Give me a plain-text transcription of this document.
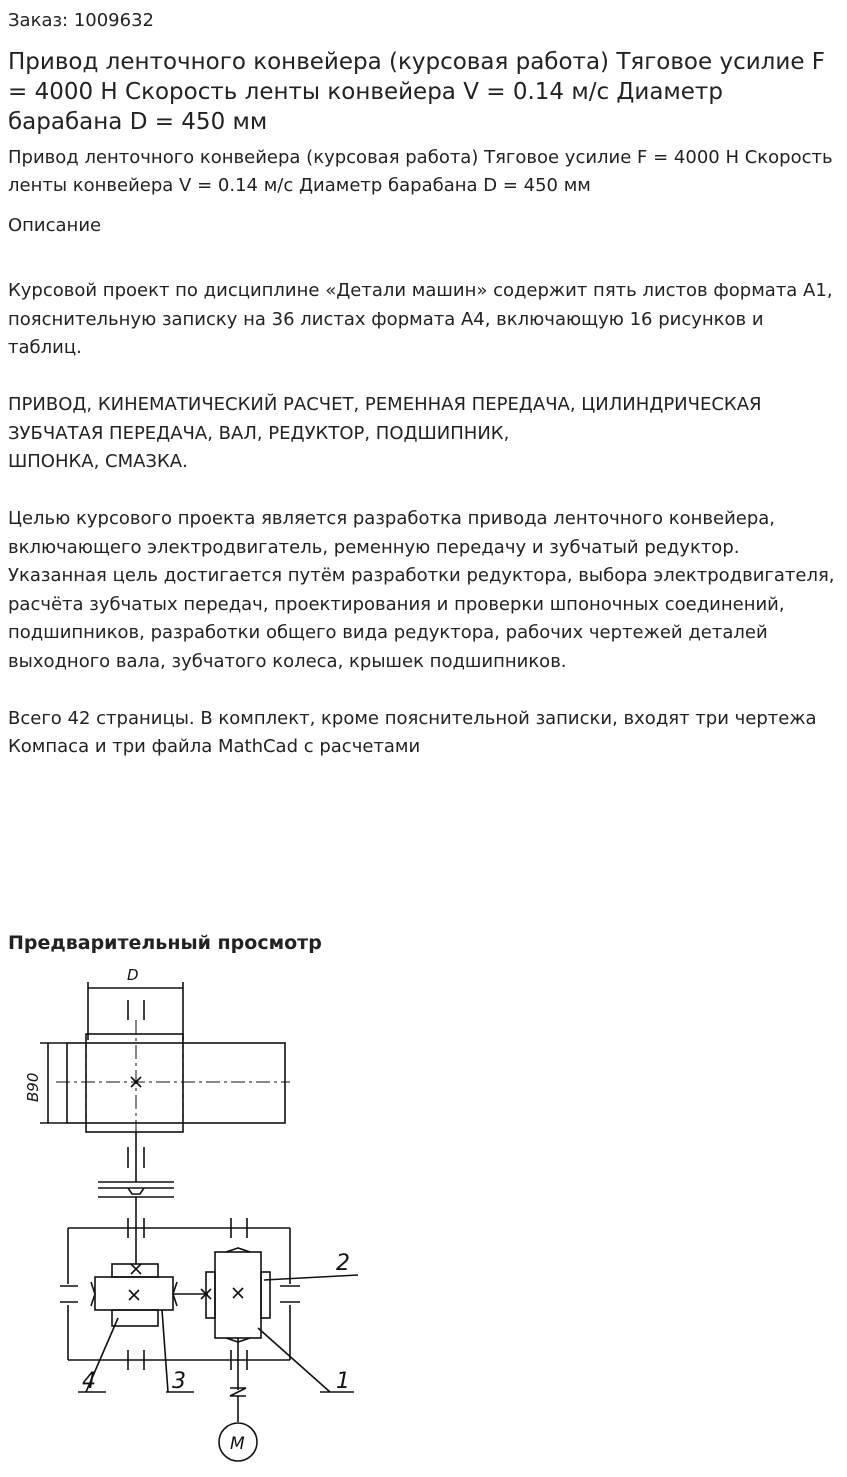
Заказ: 1009632
Привод ленточного конвейера (курсовая работа) Тяговое усилие F = 4000 Н Скорость ленты конвейера V = 0.14 м/с Диаметр барабана D = 450 мм
Привод ленточного конвейера (курсовая работа) Тяговое усилие F = 4000 Н Скорость ленты конвейера V = 0.14 м/с Диаметр барабана D = 450 мм
Описание

Курсовой проект по дисциплине «Детали машин» содержит пять листов формата А1, пояснительную записку на 36 листах формата А4, включающую 16 рисунков и таблиц.

ПРИВОД, КИНЕМАТИЧЕСКИЙ РАСЧЕТ, РЕМЕННАЯ ПЕРЕДАЧА, ЦИЛИНДРИЧЕСКАЯ ЗУБЧАТАЯ ПЕРЕДАЧА, ВАЛ, РЕДУКТОР, ПОДШИПНИК,
ШПОНКА, СМАЗКА.

Целью курсового проекта является разработка привода ленточного конвейера, включающего электродвигатель, ременную передачу и зубчатый редуктор. Указанная цель достигается путём разработки редуктора, выбора электродвигателя, расчёта зубчатых передач, проектирования и проверки шпоночных соединений, подшипников, разработки общего вида редуктора, рабочих чертежей деталей выходного вала, зубчатого колеса, крышек подшипников.

Всего 42 страницы. В комплект, кроме пояснительной записки, входят три чертежа Компаса и три файла MathCad с расчетами

Предварительный просмотр
D
В90
2
1
3
4
М
